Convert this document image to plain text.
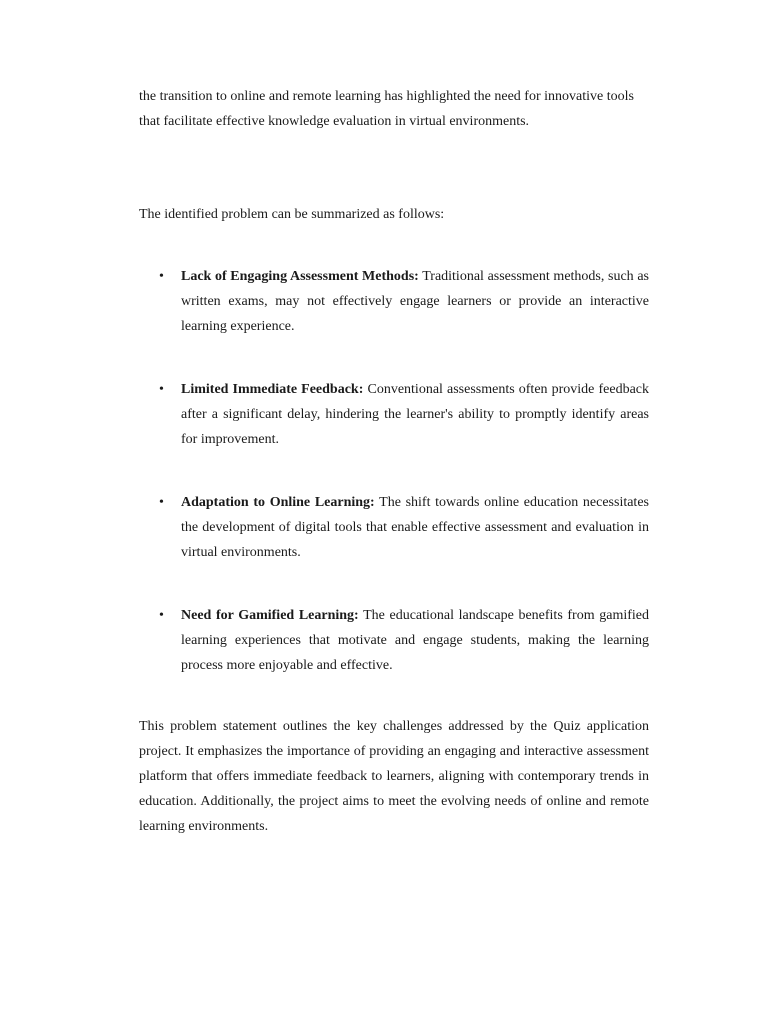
the transition to online and remote learning has highlighted the need for innovative tools that facilitate effective knowledge evaluation in virtual environments.

The identified problem can be summarized as follows:

• Lack of Engaging Assessment Methods: Traditional assessment methods, such as written exams, may not effectively engage learners or provide an interactive learning experience.
• Limited Immediate Feedback: Conventional assessments often provide feedback after a significant delay, hindering the learner's ability to promptly identify areas for improvement.
• Adaptation to Online Learning: The shift towards online education necessitates the development of digital tools that enable effective assessment and evaluation in virtual environments.
• Need for Gamified Learning: The educational landscape benefits from gamified learning experiences that motivate and engage students, making the learning process more enjoyable and effective.

This problem statement outlines the key challenges addressed by the Quiz application project. It emphasizes the importance of providing an engaging and interactive assessment platform that offers immediate feedback to learners, aligning with contemporary trends in education. Additionally, the project aims to meet the evolving needs of online and remote learning environments.
